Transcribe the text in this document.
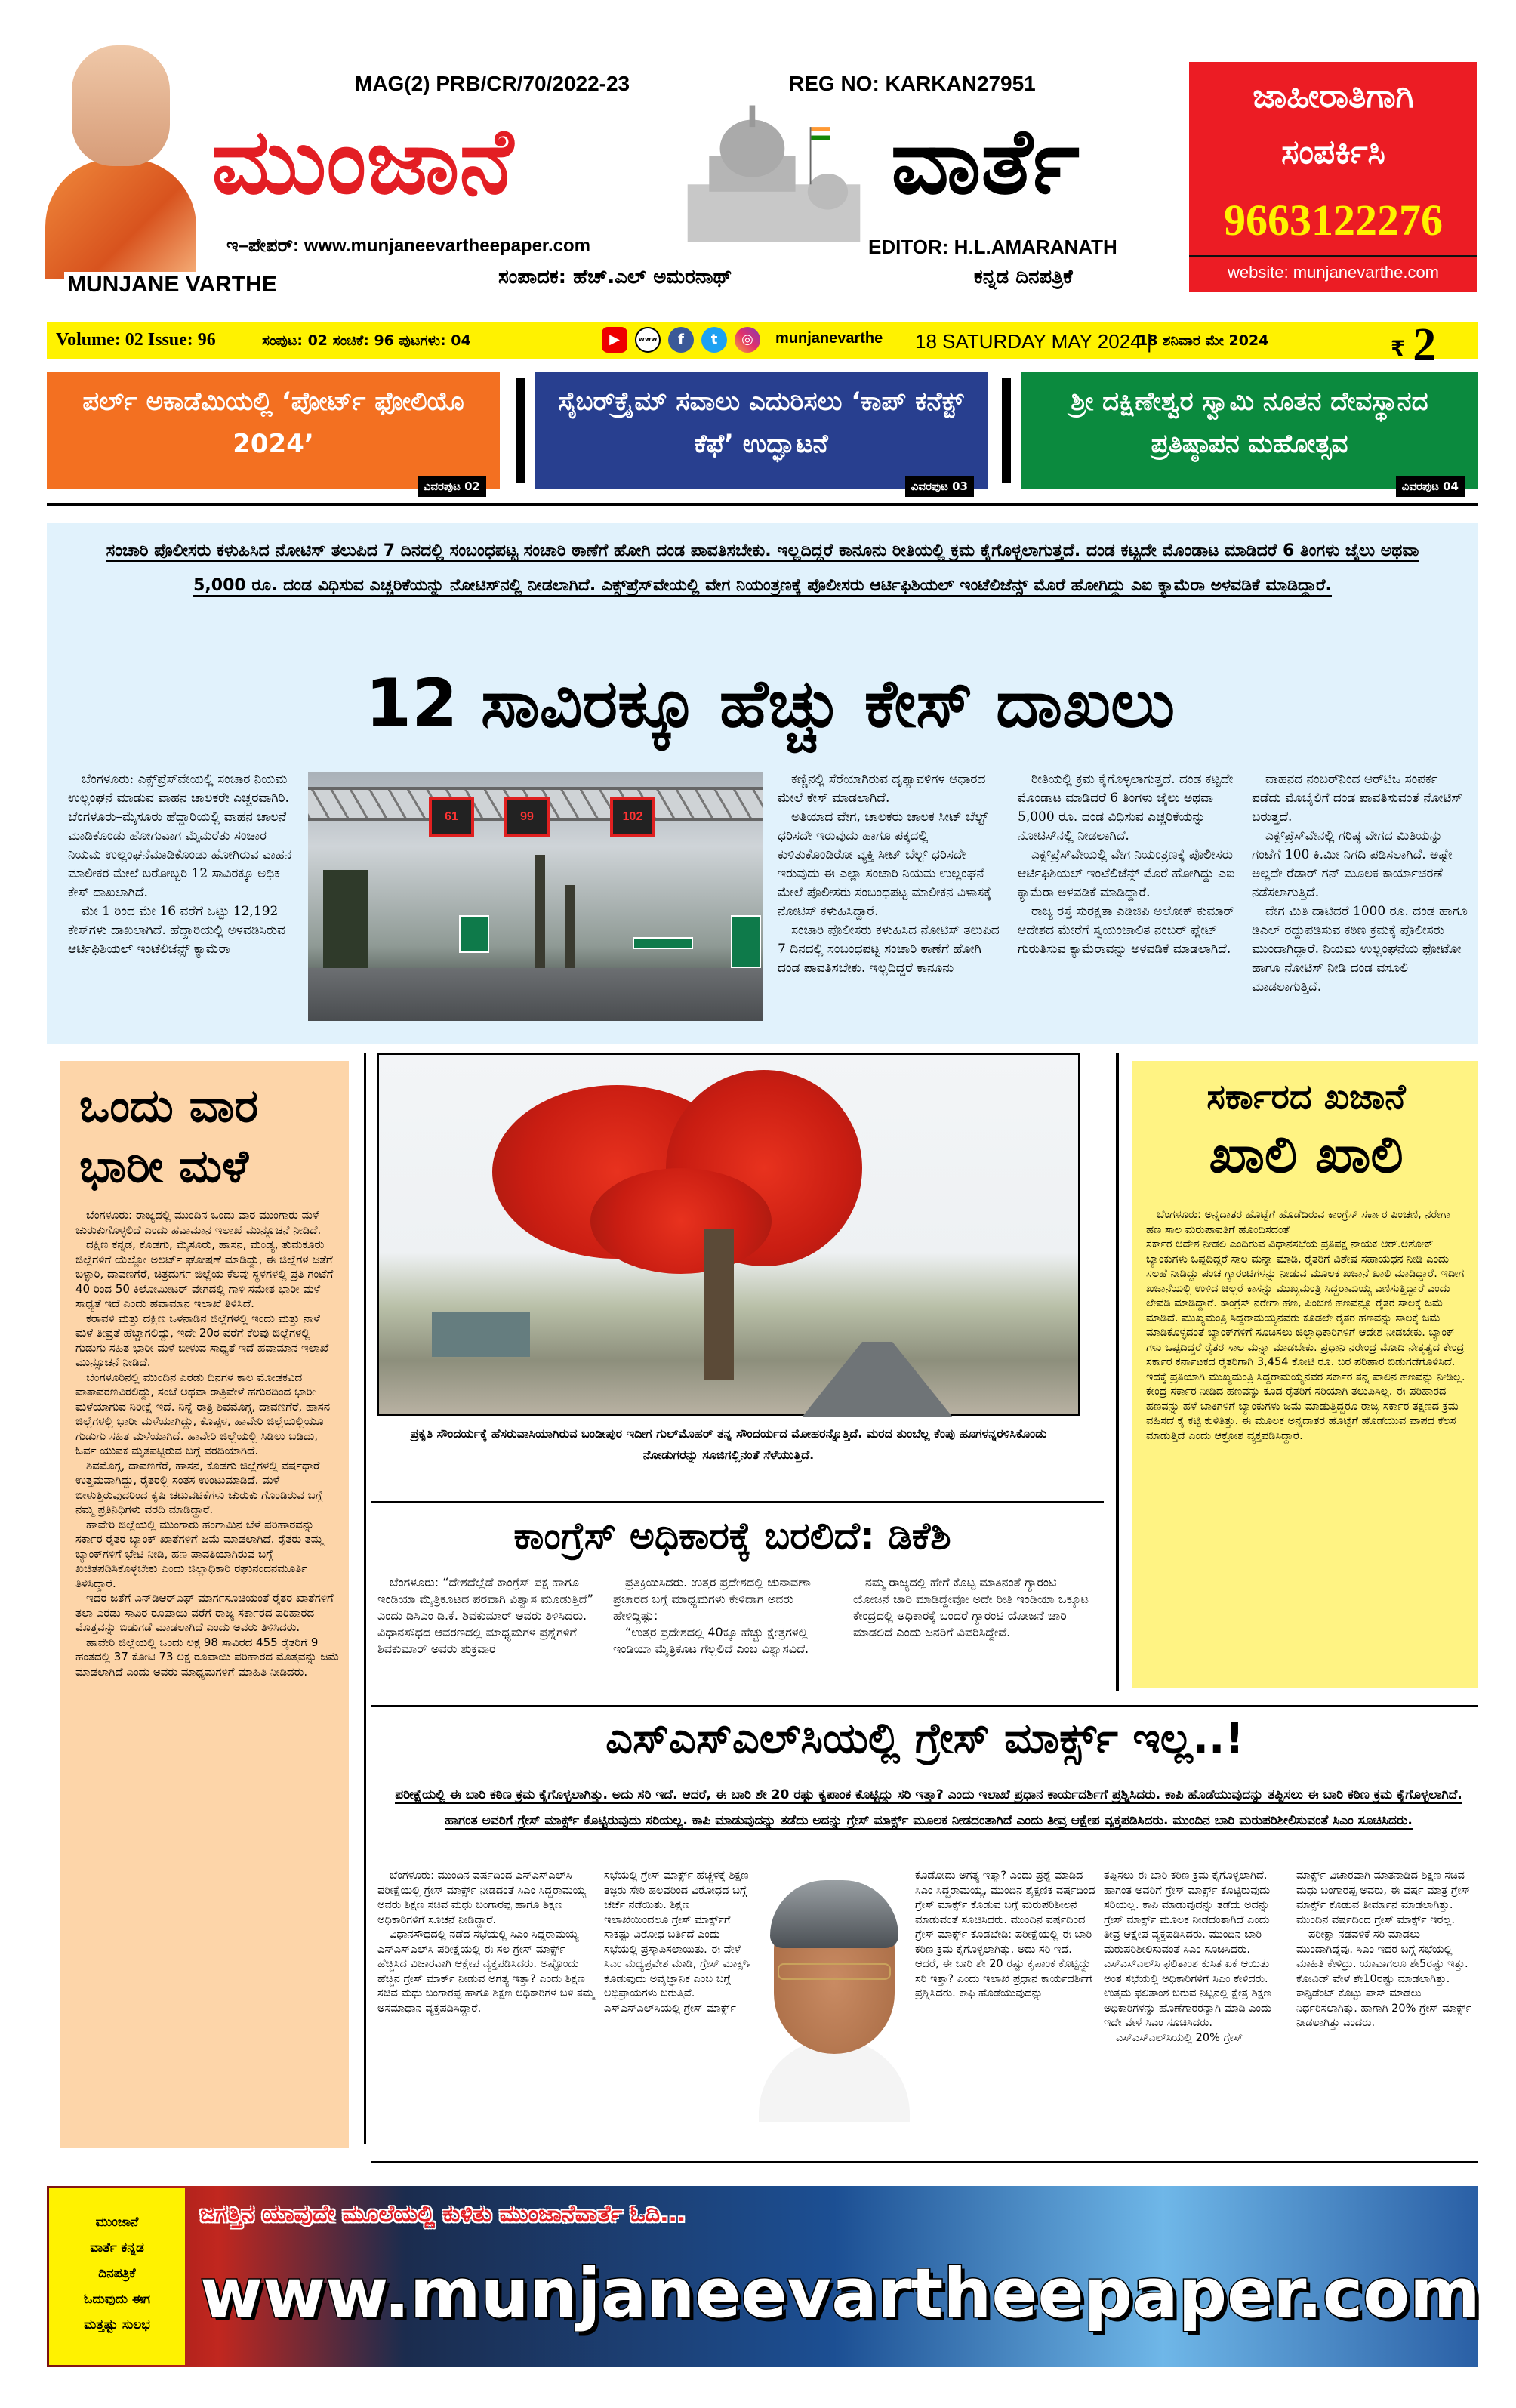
MUNJANE VARTHE
MAG(2) PRB/CR/70/2022-23	REG NO: KARKAN27951
ಮುಂಜಾನೆ	ವಾರ್ತೆ
ಇ–ಪೇಪರ್: www.munjaneevartheepaper.com	EDITOR: H.L.AMARANATH
ಸಂಪಾದಕ: ಹೆಚ್.ಎಲ್ ಅಮರನಾಥ್	ಕನ್ನಡ ದಿನಪತ್ರಿಕೆ
ಜಾಹೀರಾತಿಗಾಗಿ
ಸಂಪರ್ಕಿಸಿ
9663122276
website: munjanevarthe.com
Volume: 02 Issue: 96	ಸಂಪುಟ: 02 ಸಂಚಿಕೆ: 96 ಪುಟಗಳು: 04	▶	www	f	t	◎	munjanevarthe 18 SATURDAY MAY 2024 |
18 ಶನಿವಾರ ಮೇ 2024	₹ 2
ಪರ್ಲ್ ಅಕಾಡೆಮಿಯಲ್ಲಿ ‘ಪೋರ್ಟ್ ಫೋಲಿಯೊ 2024’
ವಿವರಪುಟ 02
ಸೈಬರ್‌ಕ್ರೈಮ್ ಸವಾಲು ಎದುರಿಸಲು ‘ಕಾಪ್ ಕನೆಕ್ಟ್ ಕೆಫೆ’ ಉದ್ಘಾಟನೆ
ವಿವರಪುಟ 03
ಶ್ರೀ ದಕ್ಷಿಣೇಶ್ವರ ಸ್ವಾಮಿ ನೂತನ ದೇವಸ್ಥಾನದ ಪ್ರತಿಷ್ಠಾಪನ ಮಹೋತ್ಸವ
ವಿವರಪುಟ 04
ಸಂಚಾರಿ ಪೊಲೀಸರು ಕಳುಹಿಸಿದ ನೋಟಿಸ್ ತಲುಪಿದ 7 ದಿನದಲ್ಲಿ ಸಂಬಂಧಪಟ್ಟ ಸಂಚಾರಿ ಠಾಣೆಗೆ ಹೋಗಿ ದಂಡ ಪಾವತಿಸಬೇಕು. ಇಲ್ಲದಿದ್ದರೆ ಕಾನೂನು ರೀತಿಯಲ್ಲಿ ಕ್ರಮ ಕೈಗೊಳ್ಳಲಾಗುತ್ತದೆ. ದಂಡ ಕಟ್ಟದೇ ಮೊಂಡಾಟ ಮಾಡಿದರೆ 6 ತಿಂಗಳು ಜೈಲು ಅಥವಾ 5,000 ರೂ. ದಂಡ ವಿಧಿಸುವ ಎಚ್ಚರಿಕೆಯನ್ನು ನೋಟಿಸ್‌ನಲ್ಲಿ ನೀಡಲಾಗಿದೆ. ಎಕ್ಸ್‌ಪ್ರೆಸ್‌ವೇಯಲ್ಲಿ ವೇಗ ನಿಯಂತ್ರಣಕ್ಕೆ ಪೊಲೀಸರು ಆರ್ಟಿಫಿಶಿಯಲ್ ಇಂಟೆಲಿಜೆನ್ಸ್ ಮೊರೆ ಹೋಗಿದ್ದು ಎಐ ಕ್ಯಾಮೆರಾ ಅಳವಡಿಕೆ ಮಾಡಿದ್ದಾರೆ.
12 ಸಾವಿರಕ್ಕೂ ಹೆಚ್ಚು ಕೇಸ್ ದಾಖಲು

ಬೆಂಗಳೂರು: ಎಕ್ಸ್‌ಪ್ರೆಸ್‌ವೇಯಲ್ಲಿ ಸಂಚಾರ ನಿಯಮ ಉಲ್ಲಂಘನೆ ಮಾಡುವ ವಾಹನ ಚಾಲಕರೇ ಎಚ್ಚರವಾಗಿರಿ. ಬೆಂಗಳೂರು–ಮೈಸೂರು ಹೆದ್ದಾರಿಯಲ್ಲಿ ವಾಹನ ಚಾಲನೆ ಮಾಡಿಕೊಂಡು ಹೋಗುವಾಗ ಮೈಮರೆತು ಸಂಚಾರ ನಿಯಮ ಉಲ್ಲಂಘನೆಮಾಡಿಕೊಂಡು ಹೋಗಿರುವ ವಾಹನ ಮಾಲೀಕರ ಮೇಲೆ ಬರೋಬ್ಬರಿ 12 ಸಾವಿರಕ್ಕೂ ಅಧಿಕ ಕೇಸ್ ದಾಖಲಾಗಿದೆ.

ಮೇ 1 ರಿಂದ ಮೇ 16 ವರೆಗೆ ಒಟ್ಟು 12,192 ಕೇಸ್‌ಗಳು ದಾಖಲಾಗಿದೆ. ಹೆದ್ದಾರಿಯಲ್ಲಿ ಅಳವಡಿಸಿರುವ ಆರ್ಟಿಫಿಶಿಯಲ್ ಇಂಟೆಲಿಜೆನ್ಸ್ ಕ್ಯಾಮೆರಾ

61	99	102

ಕಣ್ಣಿನಲ್ಲಿ ಸೆರೆಯಾಗಿರುವ ದೃಶ್ಯಾವಳಿಗಳ ಆಧಾರದ ಮೇಲೆ ಕೇಸ್ ಮಾಡಲಾಗಿದೆ.

ಅತಿಯಾದ ವೇಗ, ಚಾಲಕರು ಚಾಲಕ ಸೀಟ್ ಬೆಲ್ಟ್ ಧರಿಸದೇ ಇರುವುದು ಹಾಗೂ ಪಕ್ಕದಲ್ಲಿ ಕುಳಿತುಕೊಂಡಿರೋ ವ್ಯಕ್ತಿ ಸೀಟ್ ಬೆಲ್ಟ್ ಧರಿಸದೇ ಇರುವುದು ಈ ಎಲ್ಲಾ ಸಂಚಾರಿ ನಿಯಮ ಉಲ್ಲಂಘನೆ ಮೇಲೆ ಪೊಲೀಸರು ಸಂಬಂಧಪಟ್ಟ ಮಾಲೀಕನ ವಿಳಾಸಕ್ಕೆ ನೋಟಿಸ್ ಕಳುಹಿಸಿದ್ದಾರೆ.

ಸಂಚಾರಿ ಪೊಲೀಸರು ಕಳುಹಿಸಿದ ನೋಟಿಸ್ ತಲುಪಿದ 7 ದಿನದಲ್ಲಿ ಸಂಬಂಧಪಟ್ಟ ಸಂಚಾರಿ ಠಾಣೆಗೆ ಹೋಗಿ ದಂಡ ಪಾವತಿಸಬೇಕು. ಇಲ್ಲದಿದ್ದರೆ ಕಾನೂನು

ರೀತಿಯಲ್ಲಿ ಕ್ರಮ ಕೈಗೊಳ್ಳಲಾಗುತ್ತದೆ. ದಂಡ ಕಟ್ಟದೇ ಮೊಂಡಾಟ ಮಾಡಿದರೆ 6 ತಿಂಗಳು ಜೈಲು ಅಥವಾ 5,000 ರೂ. ದಂಡ ವಿಧಿಸುವ ಎಚ್ಚರಿಕೆಯನ್ನು ನೋಟಿಸ್‌ನಲ್ಲಿ ನೀಡಲಾಗಿದೆ.

ಎಕ್ಸ್‌ಪ್ರೆಸ್‌ವೇಯಲ್ಲಿ ವೇಗ ನಿಯಂತ್ರಣಕ್ಕೆ ಪೊಲೀಸರು ಆರ್ಟಿಫಿಶಿಯಲ್ ಇಂಟೆಲಿಜೆನ್ಸ್ ಮೊರೆ ಹೋಗಿದ್ದು ಎಐ ಕ್ಯಾಮೆರಾ ಅಳವಡಿಕೆ ಮಾಡಿದ್ದಾರೆ.

ರಾಜ್ಯ ರಸ್ತೆ ಸುರಕ್ಷತಾ ಎಡಿಜಿಪಿ ಅಲೋಕ್ ಕುಮಾರ್ ಆದೇಶದ ಮೇರೆಗೆ ಸ್ವಯಂಚಾಲಿತ ನಂಬರ್ ಪ್ಲೇಟ್ ಗುರುತಿಸುವ ಕ್ಯಾಮೆರಾವನ್ನು ಅಳವಡಿಕೆ ಮಾಡಲಾಗಿದೆ.

ವಾಹನದ ನಂಬರ್‌ನಿಂದ ಆರ್‌ಟಿಒ ಸಂಪರ್ಕ ಪಡೆದು ಮೊಬೈಲಿಗೆ ದಂಡ ಪಾವತಿಸುವಂತೆ ನೋಟಿಸ್ ಬರುತ್ತದೆ.

ಎಕ್ಸ್‌ಪ್ರೆಸ್‌ವೇನಲ್ಲಿ ಗರಿಷ್ಠ ವೇಗದ ಮಿತಿಯನ್ನು ಗಂಟೆಗೆ 100 ಕಿ.ಮೀ ನಿಗದಿ ಪಡಿಸಲಾಗಿದೆ. ಅಷ್ಟೇ ಅಲ್ಲದೇ ರೆಡಾರ್ ಗನ್ ಮೂಲಕ ಕಾರ್ಯಾಚರಣೆ ನಡೆಸಲಾಗುತ್ತಿದೆ.

ವೇಗ ಮಿತಿ ದಾಟಿದರೆ 1000 ರೂ. ದಂಡ ಹಾಗೂ ಡಿಎಲ್ ರದ್ದುಪಡಿಸುವ ಕಠಿಣ ಕ್ರಮಕ್ಕೆ ಪೊಲೀಸರು ಮುಂದಾಗಿದ್ದಾರೆ. ನಿಯಮ ಉಲ್ಲಂಘನೆಯ ಫೋಟೋ ಹಾಗೂ ನೋಟಿಸ್ ನೀಡಿ ದಂಡ ವಸೂಲಿ ಮಾಡಲಾಗುತ್ತಿದೆ.

ಒಂದು ವಾರ
ಭಾರೀ ಮಳೆ

ಬೆಂಗಳೂರು: ರಾಜ್ಯದಲ್ಲಿ ಮುಂದಿನ ಒಂದು ವಾರ ಮುಂಗಾರು ಮಳೆ ಚುರುಕುಗೊಳ್ಳಲಿದೆ ಎಂದು ಹವಾಮಾನ ಇಲಾಖೆ ಮುನ್ಸೂಚನೆ ನೀಡಿದೆ.

ದಕ್ಷಿಣ ಕನ್ನಡ, ಕೊಡಗು, ಮೈಸೂರು, ಹಾಸನ, ಮಂಡ್ಯ, ತುಮಕೂರು ಜಿಲ್ಲೆಗಳಿಗೆ ಯೆಲ್ಲೋ ಅಲರ್ಟ್ ಘೋಷಣೆ ಮಾಡಿದ್ದು, ಈ ಜಿಲ್ಲೆಗಳ ಜತೆಗೆ ಬಳ್ಳಾರಿ, ದಾವಣಗೆರೆ, ಚಿತ್ರದುರ್ಗ ಜಿಲ್ಲೆಯ ಕೆಲವು ಸ್ಥಳಗಳಲ್ಲಿ ಪ್ರತಿ ಗಂಟೆಗೆ 40 ರಿಂದ 50 ಕಿಲೋಮೀಟರ್ ವೇಗದಲ್ಲಿ ಗಾಳಿ ಸಮೇತ ಭಾರೀ ಮಳೆ ಸಾಧ್ಯತೆ ಇದೆ ಎಂದು ಹವಾಮಾನ ಇಲಾಖೆ ತಿಳಿಸಿದೆ.

ಕರಾವಳಿ ಮತ್ತು ದಕ್ಷಿಣ ಒಳನಾಡಿನ ಜಿಲ್ಲೆಗಳಲ್ಲಿ ಇಂದು ಮತ್ತು ನಾಳೆ ಮಳೆ ತೀವ್ರತೆ ಹೆಚ್ಚಾಗಲಿದ್ದು, ಇದೇ 20ರ ವರೆಗೆ ಕೆಲವು ಜಿಲ್ಲೆಗಳಲ್ಲಿ ಗುಡುಗು ಸಹಿತ ಭಾರೀ ಮಳೆ ಬೀಳುವ ಸಾಧ್ಯತೆ ಇದೆ ಹವಾಮಾನ ಇಲಾಖೆ ಮುನ್ಸೂಚನೆ ನೀಡಿದೆ.

ಬೆಂಗಳೂರಿನಲ್ಲಿ ಮುಂದಿನ ಎರಡು ದಿನಗಳ ಕಾಲ ಮೋಡಕವಿದ ವಾತಾವರಣವಿರಲಿದ್ದು, ಸಂಜೆ ಅಥವಾ ರಾತ್ರಿವೇಳೆ ಹಗುರದಿಂದ ಭಾರೀ ಮಳೆಯಾಗುವ ನಿರೀಕ್ಷೆ ಇದೆ. ನಿನ್ನೆ ರಾತ್ರಿ ಶಿವಮೊಗ್ಗ, ದಾವಣಗೆರೆ, ಹಾಸನ ಜಿಲ್ಲೆಗಳಲ್ಲಿ ಭಾರೀ ಮಳೆಯಾಗಿದ್ದು, ಕೊಪ್ಪಳ, ಹಾವೇರಿ ಜಿಲ್ಲೆಯಲ್ಲಿಯೂ ಗುಡುಗು ಸಹಿತ ಮಳೆಯಾಗಿದೆ. ಹಾವೇರಿ ಜಿಲ್ಲೆಯಲ್ಲಿ ಸಿಡಿಲು ಬಡಿದು, ಓರ್ವ ಯುವಕ ಮೃತಪಟ್ಟಿರುವ ಬಗ್ಗೆ ವರದಿಯಾಗಿದೆ.

ಶಿವಮೊಗ್ಗ, ದಾವಣಗೆರೆ, ಹಾಸನ, ಕೊಡಗು ಜಿಲ್ಲೆಗಳಲ್ಲಿ ವರ್ಷಧಾರೆ ಉತ್ತಮವಾಗಿದ್ದು, ರೈತರಲ್ಲಿ ಸಂತಸ ಉಂಟುಮಾಡಿದೆ. ಮಳೆ ಬೀಳುತ್ತಿರುವುದರಿಂದ ಕೃಷಿ ಚಟುವಟಿಕೆಗಳು ಚುರುಕು ಗೊಂಡಿರುವ ಬಗ್ಗೆ ನಮ್ಮ ಪ್ರತಿನಿಧಿಗಳು ವರದಿ ಮಾಡಿದ್ದಾರೆ.

ಹಾವೇರಿ ಜಿಲ್ಲೆಯಲ್ಲಿ ಮುಂಗಾರು ಹಂಗಾಮಿನ ಬೆಳೆ ಪರಿಹಾರವನ್ನು ಸರ್ಕಾರ ರೈತರ ಬ್ಯಾಂಕ್ ಖಾತೆಗಳಿಗೆ ಜಮೆ ಮಾಡಲಾಗಿದೆ. ರೈತರು ತಮ್ಮ ಬ್ಯಾಂಕ್‌ಗಳಿಗೆ ಭೇಟಿ ನೀಡಿ, ಹಣ ಪಾವತಿಯಾಗಿರುವ ಬಗ್ಗೆ ಖಚಿತಪಡಿಸಿಕೊಳ್ಳಬೇಕು ಎಂದು ಜಿಲ್ಲಾಧಿಕಾರಿ ರಘುನಂದನಮೂರ್ತಿ ತಿಳಿಸಿದ್ದಾರೆ.

ಇದರ ಜತೆಗೆ ಎನ್‌ಡಿಆರ್‌ಎಫ್ ಮಾರ್ಗಸೂಚಿಯಂತೆ ರೈತರ ಖಾತೆಗಳಿಗೆ ತಲಾ ಎರಡು ಸಾವಿರ ರೂಪಾಯಿ ವರೆಗೆ ರಾಜ್ಯ ಸರ್ಕಾರದ ಪರಿಹಾರದ ಮೊತ್ತವನ್ನು ಬಿಡುಗಡೆ ಮಾಡಲಾಗಿದೆ ಎಂದು ಅವರು ತಿಳಿಸಿದರು.

ಹಾವೇರಿ ಜಿಲ್ಲೆಯಲ್ಲಿ ಒಂದು ಲಕ್ಷ 98 ಸಾವಿರದ 455 ರೈತರಿಗೆ 9 ಹಂತದಲ್ಲಿ 37 ಕೋಟಿ 73 ಲಕ್ಷ ರೂಪಾಯಿ ಪರಿಹಾರದ ಮೊತ್ತವನ್ನು ಜಮೆ ಮಾಡಲಾಗಿದೆ ಎಂದು ಅವರು ಮಾಧ್ಯಮಗಳಿಗೆ ಮಾಹಿತಿ ನೀಡಿದರು.

ಪ್ರಕೃತಿ ಸೌಂದರ್ಯಕ್ಕೆ ಹೆಸರುವಾಸಿಯಾಗಿರುವ ಬಂಡೀಪುರ ಇದೀಗ ಗುಲ್‌ಮೊಹರ್ ತನ್ನ ಸೌಂದರ್ಯದ ಮೋಹರನ್ನೊತ್ತಿದೆ. ಮರದ ತುಂಬೆಲ್ಲ ಕೆಂಪು ಹೂಗಳನ್ನರಳಿಸಿಕೊಂಡು ನೋಡುಗರನ್ನು ಸೂಜಿಗಲ್ಲಿನಂತೆ ಸೆಳೆಯುತ್ತಿದೆ.
ಕಾಂಗ್ರೆಸ್ ಅಧಿಕಾರಕ್ಕೆ ಬರಲಿದೆ: ಡಿಕೆಶಿ

ಬೆಂಗಳೂರು: “ದೇಶದೆಲ್ಲೆಡೆ ಕಾಂಗ್ರೆಸ್ ಪಕ್ಷ ಹಾಗೂ ಇಂಡಿಯಾ ಮೈತ್ರಿಕೂಟದ ಪರವಾಗಿ ವಿಶ್ವಾಸ ಮೂಡುತ್ತಿದೆ” ಎಂದು ಡಿಸಿಎಂ ಡಿ.ಕೆ. ಶಿವಕುಮಾರ್ ಅವರು ತಿಳಿಸಿದರು. ವಿಧಾನಸೌಧದ ಆವರಣದಲ್ಲಿ ಮಾಧ್ಯಮಗಳ ಪ್ರಶ್ನೆಗಳಿಗೆ ಶಿವಕುಮಾರ್ ಅವರು ಶುಕ್ರವಾರ

ಪ್ರತಿಕ್ರಿಯಿಸಿದರು. ಉತ್ತರ ಪ್ರದೇಶದಲ್ಲಿ ಚುನಾವಣಾ ಪ್ರಚಾರದ ಬಗ್ಗೆ ಮಾಧ್ಯಮಗಳು ಕೇಳಿದಾಗ ಅವರು ಹೇಳಿದ್ದಿಷ್ಟು:

“ಉತ್ತರ ಪ್ರದೇಶದಲ್ಲಿ 40ಕ್ಕೂ ಹೆಚ್ಚು ಕ್ಷೇತ್ರಗಳಲ್ಲಿ ಇಂಡಿಯಾ ಮೈತ್ರಿಕೂಟ ಗೆಲ್ಲಲಿದೆ ಎಂಬ ವಿಶ್ವಾಸವಿದೆ.

ನಮ್ಮ ರಾಜ್ಯದಲ್ಲಿ ಹೇಗೆ ಕೊಟ್ಟ ಮಾತಿನಂತೆ ಗ್ಯಾರಂಟಿ ಯೋಜನೆ ಜಾರಿ ಮಾಡಿದ್ದೇವೋ ಅದೇ ರೀತಿ ಇಂಡಿಯಾ ಒಕ್ಕೂಟ ಕೇಂದ್ರದಲ್ಲಿ ಅಧಿಕಾರಕ್ಕೆ ಬಂದರೆ ಗ್ಯಾರಂಟಿ ಯೋಜನೆ ಜಾರಿ ಮಾಡಲಿದೆ ಎಂದು ಜನರಿಗೆ ವಿವರಿಸಿದ್ದೇವೆ.

ಸರ್ಕಾರದ ಖಜಾನೆ
ಖಾಲಿ ಖಾಲಿ

ಬೆಂಗಳೂರು: ಅನ್ನದಾತರ ಹೊಟ್ಟೆಗೆ ಹೊಡೆದಿರುವ ಕಾಂಗ್ರೆಸ್ ಸರ್ಕಾರ ಪಿಂಚಣಿ, ನರೇಗಾ ಹಣ ಸಾಲ ಮರುಪಾವತಿಗೆ ಹೊಂದಿಸದಂತೆ

ಸರ್ಕಾರ ಆದೇಶ ನೀಡಲಿ ಎಂದಿರುವ ವಿಧಾನಸಭೆಯ ಪ್ರತಿಪಕ್ಷ ನಾಯಕ ಆರ್.ಅಶೋಕ್ ಬ್ಯಾಂಕುಗಳು ಒಪ್ಪದಿದ್ದರೆ ಸಾಲ ಮನ್ನಾ ಮಾಡಿ, ರೈತರಿಗೆ ವಿಶೇಷ ಸಹಾಯಧನ ನೀಡಿ ಎಂದು ಸಲಹೆ ನೀಡಿದ್ದು ಪಂಚ ಗ್ಯಾರಂಟಿಗಳನ್ನು ನೀಡುವ ಮೂಲಕ ಖಜಾನೆ ಖಾಲಿ ಮಾಡಿದ್ದಾರೆ. ಇದೀಗ ಖಜಾನೆಯಲ್ಲಿ ಉಳಿದ ಚಿಲ್ಲರೆ ಕಾಸನ್ನು ಮುಖ್ಯಮಂತ್ರಿ ಸಿದ್ದರಾಮಯ್ಯ ಎಣಿಸುತ್ತಿದ್ದಾರೆ ಎಂದು ಲೇವಡಿ ಮಾಡಿದ್ದಾರೆ. ಕಾಂಗ್ರೆಸ್ ನರೇಗಾ ಹಣ, ಪಿಂಚಣಿ ಹಣವನ್ನೂ ರೈತರ ಸಾಲಕ್ಕೆ ಜಮೆ ಮಾಡಿದೆ. ಮುಖ್ಯಮಂತ್ರಿ ಸಿದ್ದರಾಮಯ್ಯನವರು ಕೂಡಲೇ ರೈತರ ಹಣವನ್ನು ಸಾಲಕ್ಕೆ ಜಮೆ ಮಾಡಿಕೊಳ್ಳದಂತೆ ಬ್ಯಾಂಕ್‌ಗಳಿಗೆ ಸೂಚಿಸಲು ಜಿಲ್ಲಾಧಿಕಾರಿಗಳಿಗೆ ಆದೇಶ ನೀಡಬೇಕು. ಬ್ಯಾಂಕ್ ಗಳು ಒಪ್ಪದಿದ್ದರೆ ರೈತರ ಸಾಲ ಮನ್ನಾ ಮಾಡಬೇಕು. ಪ್ರಧಾನಿ ನರೇಂದ್ರ ಮೋದಿ ನೇತೃತ್ವದ ಕೇಂದ್ರ ಸರ್ಕಾರ ಕರ್ನಾಟಕದ ರೈತರಿಗಾಗಿ 3,454 ಕೋಟಿ ರೂ. ಬರ ಪರಿಹಾರ ಬಿಡುಗಡೆಗೊಳಿಸಿದೆ. ಇದಕ್ಕೆ ಪ್ರತಿಯಾಗಿ ಮುಖ್ಯಮಂತ್ರಿ ಸಿದ್ದರಾಮಯ್ಯನವರ ಸರ್ಕಾರ ತನ್ನ ಪಾಲಿನ ಹಣವನ್ನು ನೀಡಿಲ್ಲ. ಕೇಂದ್ರ ಸರ್ಕಾರ ನೀಡಿದ ಹಣವನ್ನು ಕೂಡ ರೈತರಿಗೆ ಸರಿಯಾಗಿ ತಲುಪಿಸಿಲ್ಲ. ಈ ಪರಿಹಾರದ ಹಣವನ್ನು ಹಳೆ ಬಾಕಿಗಳಿಗೆ ಬ್ಯಾಂಕುಗಳು ಜಮೆ ಮಾಡುತ್ತಿದ್ದರೂ ರಾಜ್ಯ ಸರ್ಕಾರ ತಕ್ಷಣದ ಕ್ರಮ ವಹಿಸದೆ ಕೈ ಕಟ್ಟಿ ಕುಳಿತಿತ್ತು. ಈ ಮೂಲಕ ಅನ್ನದಾತರ ಹೊಟ್ಟೆಗೆ ಹೊಡೆಯುವ ಪಾಪದ ಕೆಲಸ ಮಾಡುತ್ತಿದೆ ಎಂದು ಆಕ್ರೋಶ ವ್ಯಕ್ತಪಡಿಸಿದ್ದಾರೆ.

ಎಸ್‌ಎಸ್‌ಎಲ್‌ಸಿಯಲ್ಲಿ ಗ್ರೇಸ್ ಮಾರ್ಕ್ಸ್ ಇಲ್ಲ..!
ಪರೀಕ್ಷೆಯಲ್ಲಿ ಈ ಬಾರಿ ಕಠಿಣ ಕ್ರಮ ಕೈಗೊಳ್ಳಲಾಗಿತ್ತು. ಅದು ಸರಿ ಇದೆ. ಆದರೆ, ಈ ಬಾರಿ ಶೇ 20 ರಷ್ಟು ಕೃಪಾಂಕ ಕೊಟ್ಟಿದ್ದು ಸರಿ ಇತ್ತಾ? ಎಂದು ಇಲಾಖೆ ಪ್ರಧಾನ ಕಾರ್ಯದರ್ಶಿಗೆ ಪ್ರಶ್ನಿಸಿದರು. ಕಾಪಿ ಹೊಡೆಯುವುದನ್ನು ತಪ್ಪಿಸಲು ಈ ಬಾರಿ ಕಠಿಣ ಕ್ರಮ ಕೈಗೊಳ್ಳಲಾಗಿದೆ. ಹಾಗಂತ ಅವರಿಗೆ ಗ್ರೇಸ್ ಮಾರ್ಕ್ಸ್ ಕೊಟ್ಟಿರುವುದು ಸರಿಯಲ್ಲ. ಕಾಪಿ ಮಾಡುವುದನ್ನು ತಡೆದು ಅದನ್ನು ಗ್ರೇಸ್ ಮಾರ್ಕ್ಸ್ ಮೂಲಕ ನೀಡದಂತಾಗಿದೆ ಎಂದು ತೀವ್ರ ಆಕ್ಷೇಪ ವ್ಯಕ್ತಪಡಿಸಿದರು. ಮುಂದಿನ ಬಾರಿ ಮರುಪರಿಶೀಲಿಸುವಂತೆ ಸಿಎಂ ಸೂಚಿಸಿದರು.

ಬೆಂಗಳೂರು: ಮುಂದಿನ ವರ್ಷದಿಂದ ಎಸ್‌ಎಸ್‌ಎಲ್‌ಸಿ ಪರೀಕ್ಷೆಯಲ್ಲಿ ಗ್ರೇಸ್ ಮಾರ್ಕ್ಸ್ ನೀಡದಂತೆ ಸಿಎಂ ಸಿದ್ದರಾಮಯ್ಯ ಅವರು ಶಿಕ್ಷಣ ಸಚಿವ ಮಧು ಬಂಗಾರಪ್ಪ ಹಾಗೂ ಶಿಕ್ಷಣ ಅಧಿಕಾರಿಗಳಿಗೆ ಸೂಚನೆ ನೀಡಿದ್ದಾರೆ.

ವಿಧಾನಸೌಧದಲ್ಲಿ ನಡೆದ ಸಭೆಯಲ್ಲಿ ಸಿಎಂ ಸಿದ್ದರಾಮಯ್ಯ ಎಸ್‌ಎಸ್‌ಎಲ್‌ಸಿ ಪರೀಕ್ಷೆಯಲ್ಲಿ ಈ ಸಲ ಗ್ರೇಸ್ ಮಾರ್ಕ್ಸ್ ಹೆಚ್ಚಿಸಿದ ವಿಚಾರವಾಗಿ ಆಕ್ಷೇಪ ವ್ಯಕ್ತಪಡಿಸಿದರು. ಅಷ್ಟೊಂದು ಹೆಚ್ಚಿನ ಗ್ರೇಸ್ ಮಾರ್ಕ್ ನೀಡುವ ಅಗತ್ಯ ಇತ್ತಾ? ಎಂದು ಶಿಕ್ಷಣ ಸಚಿವ ಮಧು ಬಂಗಾರಪ್ಪ ಹಾಗೂ ಶಿಕ್ಷಣ ಅಧಿಕಾರಿಗಳ ಬಳಿ ತಮ್ಮ ಅಸಮಾಧಾನ ವ್ಯಕ್ತಪಡಿಸಿದ್ದಾರೆ.

ಸಭೆಯಲ್ಲಿ ಗ್ರೇಸ್ ಮಾರ್ಕ್ಸ್ ಹೆಚ್ಚಳಕ್ಕೆ ಶಿಕ್ಷಣ ತಜ್ಞರು ಸೇರಿ ಹಲವರಿಂದ ವಿರೋಧದ ಬಗ್ಗೆ ಚರ್ಚೆ ನಡೆಯಿತು. ಶಿಕ್ಷಣ ಇಲಾಖೆಯಿಂದಲೂ ಗ್ರೇಸ್ ಮಾರ್ಕ್ಸ್‌ಗೆ ಸಾಕಷ್ಟು ವಿರೋಧ ಬರ್ತಿದೆ ಎಂದು ಸಭೆಯಲ್ಲಿ ಪ್ರಸ್ತಾಪಿಸಲಾಯಿತು. ಈ ವೇಳೆ ಸಿಎಂ ಮಧ್ಯಪ್ರವೇಶ ಮಾಡಿ, ಗ್ರೇಸ್ ಮಾರ್ಕ್ಸ್ ಕೊಡುವುದು ಅವೈಜ್ಞಾನಿಕ ಎಂಬ ಬಗ್ಗೆ ಅಭಿಪ್ರಾಯಗಳು ಬರುತ್ತಿವೆ. ಎಸ್‌ಎಸ್‌ಎಲ್‌ಸಿಯಲ್ಲಿ ಗ್ರೇಸ್ ಮಾರ್ಕ್ಸ್

ಕೊಡೋದು ಅಗತ್ಯ ಇತ್ತಾ? ಎಂದು ಪ್ರಶ್ನೆ ಮಾಡಿದ ಸಿಎಂ ಸಿದ್ದರಾಮಯ್ಯ, ಮುಂದಿನ ಶೈಕ್ಷಣಿಕ ವರ್ಷದಿಂದ ಗ್ರೇಸ್ ಮಾರ್ಕ್ಸ್ ಕೊಡುವ ಬಗ್ಗೆ ಮರುಪರಿಶೀಲನೆ ಮಾಡುವಂತೆ ಸೂಚಿಸಿದರು. ಮುಂದಿನ ವರ್ಷದಿಂದ ಗ್ರೇಸ್ ಮಾರ್ಕ್ಸ್ ಕೊಡಬೇಡಿ: ಪರೀಕ್ಷೆಯಲ್ಲಿ ಈ ಬಾರಿ ಕಠಿಣ ಕ್ರಮ ಕೈಗೊಳ್ಳಲಾಗಿತ್ತು. ಅದು ಸರಿ ಇದೆ. ಆದರೆ, ಈ ಬಾರಿ ಶೇ 20 ರಷ್ಟು ಕೃಪಾಂಕ ಕೊಟ್ಟಿದ್ದು ಸರಿ ಇತ್ತಾ? ಎಂದು ಇಲಾಖೆ ಪ್ರಧಾನ ಕಾರ್ಯದರ್ಶಿಗೆ ಪ್ರಶ್ನಿಸಿದರು. ಕಾಫಿ ಹೊಡೆಯುವುದನ್ನು

ತಪ್ಪಿಸಲು ಈ ಬಾರಿ ಕಠಿಣ ಕ್ರಮ ಕೈಗೊಳ್ಳಲಾಗಿದೆ. ಹಾಗಂತ ಅವರಿಗೆ ಗ್ರೇಸ್ ಮಾರ್ಕ್ಸ್ ಕೊಟ್ಟಿರುವುದು ಸರಿಯಲ್ಲ. ಕಾಪಿ ಮಾಡುವುದನ್ನು ತಡೆದು ಅದನ್ನು ಗ್ರೇಸ್ ಮಾರ್ಕ್ಸ್ ಮೂಲಕ ನೀಡದಂತಾಗಿದೆ ಎಂದು ತೀವ್ರ ಆಕ್ಷೇಪ ವ್ಯಕ್ತಪಡಿಸಿದರು. ಮುಂದಿನ ಬಾರಿ ಮರುಪರಿಶೀಲಿಸುವಂತೆ ಸಿಎಂ ಸೂಚಿಸಿದರು. ಎಸ್‌ಎಸ್‌ಎಲ್‌ಸಿ ಫಲಿತಾಂಶ ಕುಸಿತ ಏಕೆ ಆಯಿತು ಅಂತ ಸಭೆಯಲ್ಲಿ ಅಧಿಕಾರಿಗಳಿಗೆ ಸಿಎಂ ಕೇಳಿದರು. ಉತ್ತಮ ಫಲಿತಾಂಶ ಬರುವ ನಿಟ್ಟಿನಲ್ಲಿ ಕ್ಷೇತ್ರ ಶಿಕ್ಷಣ ಅಧಿಕಾರಿಗಳನ್ನು ಹೊಣೆಗಾರರನ್ನಾಗಿ ಮಾಡಿ ಎಂದು ಇದೇ ವೇಳೆ ಸಿಎಂ ಸೂಚಿಸಿದರು.

ಎಸ್‌ಎಸ್‌ಎಲ್‌ಸಿಯಲ್ಲಿ 20% ಗ್ರೇಸ್

ಮಾರ್ಕ್ಸ್ ವಿಚಾರವಾಗಿ ಮಾತನಾಡಿದ ಶಿಕ್ಷಣ ಸಚಿವ ಮಧು ಬಂಗಾರಪ್ಪ ಅವರು, ಈ ವರ್ಷ ಮಾತ್ರ ಗ್ರೇಸ್ ಮಾರ್ಕ್ಸ್ ಕೊಡುವ ತೀರ್ಮಾನ ಮಾಡಲಾಗಿತ್ತು. ಮುಂದಿನ ವರ್ಷದಿಂದ ಗ್ರೇಸ್ ಮಾರ್ಕ್ಸ್ ಇರಲ್ಲ.

ಪರೀಕ್ಷಾ ನಡವಳಿಕೆ ಸರಿ ಮಾಡಲು ಮುಂದಾಗಿದ್ದೆವು. ಸಿಎಂ ಇದರ ಬಗ್ಗೆ ಸಭೆಯಲ್ಲಿ ಮಾಹಿತಿ ಕೇಳಿದ್ರು. ಯಾವಾಗಲೂ ಶೇ5ರಷ್ಟು ಇತ್ತು. ಕೋವಿಡ್ ವೇಳೆ ಶೇ10ರಷ್ಟು ಮಾಡಲಾಗಿತ್ತು. ಕಾನ್ಫಿಡೆಂಟ್ ಕೊಟ್ಟು ಪಾಸ್ ಮಾಡಲು ನಿರ್ಧರಿಸಲಾಗಿತ್ತು. ಹಾಗಾಗಿ 20% ಗ್ರೇಸ್ ಮಾರ್ಕ್ಸ್ ನೀಡಲಾಗಿತ್ತು ಎಂದರು.

ಮುಂಜಾನೆ
ವಾರ್ತೆ ಕನ್ನಡ
ದಿನಪತ್ರಿಕೆ
ಓದುವುದು ಈಗ
ಮತ್ತಷ್ಟು ಸುಲಭ
ಜಗತ್ತಿನ ಯಾವುದೇ ಮೂಲೆಯಲ್ಲಿ ಕುಳಿತು ಮುಂಜಾನೆವಾರ್ತೆ ಓದಿ...
www.munjaneevartheepaper.com
